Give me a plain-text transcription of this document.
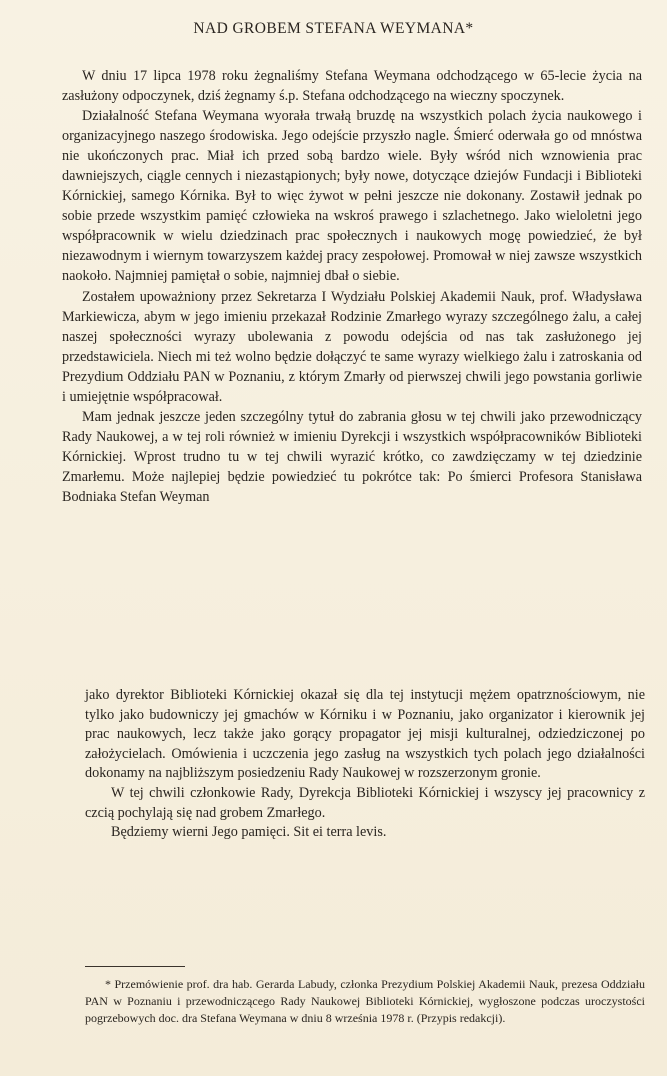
NAD GROBEM STEFANA WEYMANA*

W dniu 17 lipca 1978 roku żegnaliśmy Stefana Weymana odchodzącego w 65-lecie życia na zasłużony odpoczynek, dziś żegnamy ś.p. Stefana odchodzącego na wieczny spoczynek.

Działalność Stefana Weymana wyorała trwałą bruzdę na wszystkich polach życia naukowego i organizacyjnego naszego środowiska. Jego odejście przyszło nagle. Śmierć oderwała go od mnóstwa nie ukończonych prac. Miał ich przed sobą bardzo wiele. Były wśród nich wznowienia prac dawniejszych, ciągle cennych i niezastąpionych; były nowe, dotyczące dziejów Fundacji i Biblioteki Kórnickiej, samego Kórnika. Był to więc żywot w pełni jeszcze nie dokonany. Zostawił jednak po sobie przede wszystkim pamięć człowieka na wskroś prawego i szlachetnego. Jako wieloletni jego współpracownik w wielu dziedzinach prac społecznych i naukowych mogę powiedzieć, że był niezawodnym i wiernym towarzyszem każdej pracy zespołowej. Promował w niej zawsze wszystkich naokoło. Najmniej pamiętał o sobie, najmniej dbał o siebie.

Zostałem upoważniony przez Sekretarza I Wydziału Polskiej Akademii Nauk, prof. Władysława Markiewicza, abym w jego imieniu przekazał Rodzinie Zmarłego wyrazy szczególnego żalu, a całej naszej społeczności wyrazy ubolewania z powodu odejścia od nas tak zasłużonego jej przedstawiciela. Niech mi też wolno będzie dołączyć te same wyrazy wielkiego żalu i zatroskania od Prezydium Oddziału PAN w Poznaniu, z którym Zmarły od pierwszej chwili jego powstania gorliwie i umiejętnie współpracował.

Mam jednak jeszcze jeden szczególny tytuł do zabrania głosu w tej chwili jako przewodniczący Rady Naukowej, a w tej roli również w imieniu Dyrekcji i wszystkich współpracowników Biblioteki Kórnickiej. Wprost trudno tu w tej chwili wyrazić krótko, co zawdzięczamy w tej dziedzinie Zmarłemu. Może najlepiej będzie powiedzieć tu pokrótce tak: Po śmierci Profesora Stanisława Bodniaka Stefan Weyman

jako dyrektor Biblioteki Kórnickiej okazał się dla tej instytucji mężem opatrznościowym, nie tylko jako budowniczy jej gmachów w Kórniku i w Poznaniu, jako organizator i kierownik jej prac naukowych, lecz także jako gorący propagator jej misji kulturalnej, odziedziczonej po założycielach. Omówienia i uczczenia jego zasług na wszystkich tych polach jego działalności dokonamy na najbliższym posiedzeniu Rady Naukowej w rozszerzonym gronie.

W tej chwili członkowie Rady, Dyrekcja Biblioteki Kórnickiej i wszyscy jej pracownicy z czcią pochylają się nad grobem Zmarłego.

Będziemy wierni Jego pamięci. Sit ei terra levis.

* Przemówienie prof. dra hab. Gerarda Labudy, członka Prezydium Polskiej Akademii Nauk, prezesa Oddziału PAN w Poznaniu i przewodniczącego Rady Naukowej Biblioteki Kórnickiej, wygłoszone podczas uroczystości pogrzebowych doc. dra Stefana Weymana w dniu 8 września 1978 r. (Przypis redakcji).
